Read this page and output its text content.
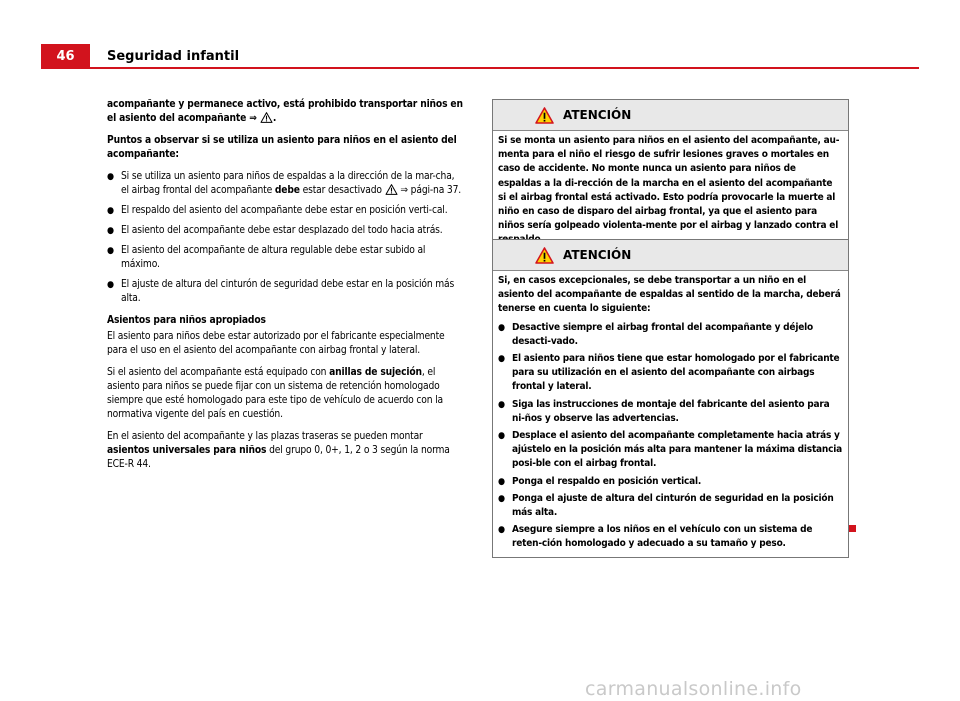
46	Seguridad infantil

acompañante y permanece activo, está prohibido transportar niños en el asiento del acompañante ⇒ .

Puntos a observar si se utiliza un asiento para niños en el asiento del acompañante:

● Si se utiliza un asiento para niños de espaldas a la dirección de la mar-cha, el airbag frontal del acompañante debe estar desactivado ⇒ pági-na 37.
● El respaldo del asiento del acompañante debe estar en posición verti-cal.
● El asiento del acompañante debe estar desplazado del todo hacia atrás.
● El asiento del acompañante de altura regulable debe estar subido al máximo.
● El ajuste de altura del cinturón de seguridad debe estar en la posición más alta.

Asientos para niños apropiados

El asiento para niños debe estar autorizado por el fabricante especialmente para el uso en el asiento del acompañante con airbag frontal y lateral.

Si el asiento del acompañante está equipado con anillas de sujeción, el asiento para niños se puede fijar con un sistema de retención homologado siempre que esté homologado para este tipo de vehículo de acuerdo con la normativa vigente del país en cuestión.

En el asiento del acompañante y las plazas traseras se pueden montar asientos universales para niños del grupo 0, 0+, 1, 2 o 3 según la norma ECE-R 44.

ATENCIÓN

Si se monta un asiento para niños en el asiento del acompañante, au-menta para el niño el riesgo de sufrir lesiones graves o mortales en caso de accidente. No monte nunca un asiento para niños de espaldas a la di-rección de la marcha en el asiento del acompañante si el airbag frontal está activado. Esto podría provocarle la muerte al niño en caso de disparo del airbag frontal, ya que el asiento para niños sería golpeado violenta-mente por el airbag y lanzado contra el

ATENCIÓN

Si, en casos excepcionales, se debe transportar a un niño en el asiento del acompañante de espaldas al sentido de la marcha, deberá tenerse en cuenta lo siguiente:

● Desactive siempre el airbag frontal del acompañante y déjelo desacti-vado.
● El asiento para niños tiene que estar homologado por el fabricante para su utilización en el asiento del acompañante con airbags frontal y lateral.
● Siga las instrucciones de montaje del fabricante del asiento para ni-ños y observe las advertencias.
● Desplace el asiento del acompañante completamente hacia atrás y ajústelo en la posición más alta para mantener la máxima distancia posi-ble con el airbag frontal.
● Ponga el respaldo en posición vertical.
● Ponga el ajuste de altura del cinturón de seguridad en la posición más alta.
● Asegure siempre a los niños en el vehículo con un sistema de reten-ción homologado y adecuado a su tamaño y peso.
carmanualsonline.info
